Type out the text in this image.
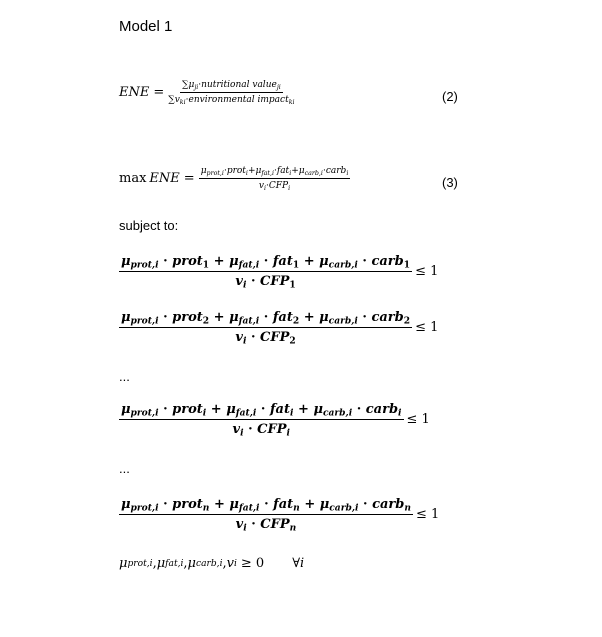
Model 1
ENE = $\frac{\sum\mu_{ji}\cdot nutritional value_{ji}}{\sum v_{ki}\cdot environmental impact_{ki}}$	(2)
max ENE = $\frac{\mu_{prot,i}\cdot prot_i+\mu_{fat,i}\cdot fat_i+\mu_{carb,i}\cdot carb_i}{v_i\cdot CFP_i}$	(3)
subject to:
$\frac{\mu_{prot,i} \cdot prot_1 + \mu_{fat,i} \cdot fat_1 + \mu_{carb,i} \cdot carb_1}{v_i \cdot CFP_1} \le 1$
$\frac{\mu_{prot,i} \cdot prot_2 + \mu_{fat,i} \cdot fat_2 + \mu_{carb,i} \cdot carb_2}{v_i \cdot CFP_2} \le 1$
...
$\frac{\mu_{prot,i} \cdot prot_i + \mu_{fat,i} \cdot fat_i + \mu_{carb,i} \cdot carb_i}{v_i \cdot CFP_i} \le 1$
...
$\frac{\mu_{prot,i} \cdot prot_n + \mu_{fat,i} \cdot fat_n + \mu_{carb,i} \cdot carb_n}{v_i \cdot CFP_n} \le 1$
μ prot,i , μ fat,i , μ carb,i , v i ≥ 0	∀i
